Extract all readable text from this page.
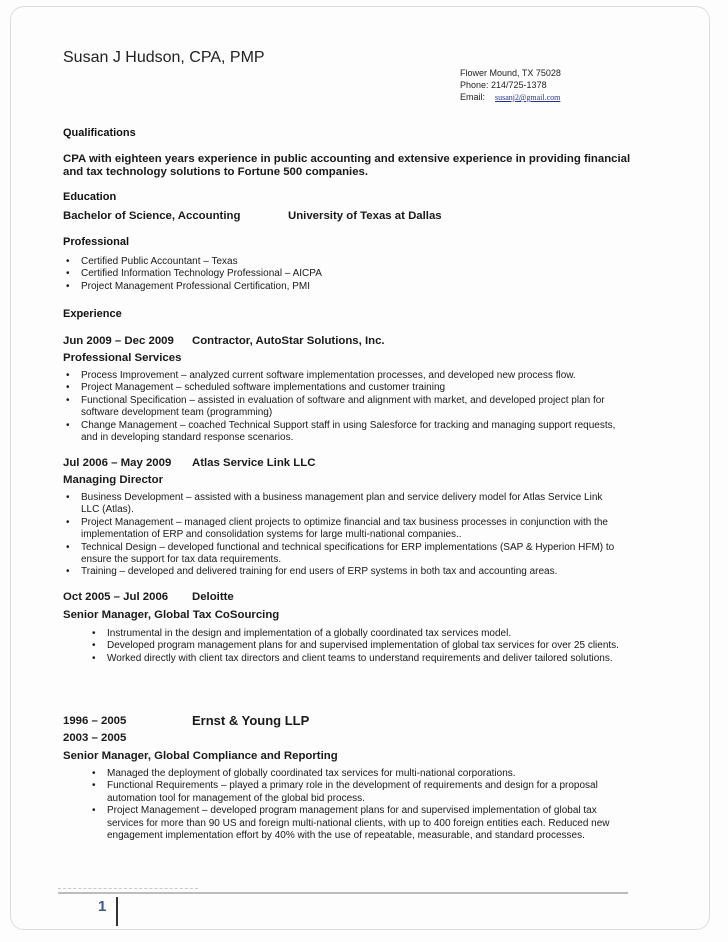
Susan J Hudson, CPA, PMP
Flower Mound, TX 75028
Phone: 214/725-1378
Email: susanj2@gmail.com
Qualifications
CPA with eighteen years experience in public accounting and extensive experience in providing financial and tax technology solutions to Fortune 500 companies.
Education
Bachelor of Science, Accounting	University of Texas at Dallas
Professional
• Certified Public Accountant – Texas
• Certified Information Technology Professional – AICPA
• Project Management Professional Certification, PMI
Experience
Jun 2009 – Dec 2009 Contractor, AutoStar Solutions, Inc.
Professional Services
• Process Improvement – analyzed current software implementation processes, and developed new process flow.
• Project Management – scheduled software implementations and customer training
• Functional Specification – assisted in evaluation of software and alignment with market, and developed project plan for software development team (programming)
• Change Management – coached Technical Support staff in using Salesforce for tracking and managing support requests, and in developing standard response scenarios.
Jul 2006 – May 2009 Atlas Service Link LLC
Managing Director
• Business Development – assisted with a business management plan and service delivery model for Atlas Service Link LLC (Atlas).
• Project Management – managed client projects to optimize financial and tax business processes in conjunction with the implementation of ERP and consolidation systems for large multi-national companies..
• Technical Design – developed functional and technical specifications for ERP implementations (SAP & Hyperion HFM) to ensure the support for tax data requirements.
• Training – developed and delivered training for end users of ERP systems in both tax and accounting areas.
Oct 2005 – Jul 2006 Deloitte
Senior Manager, Global Tax CoSourcing
• Instrumental in the design and implementation of a globally coordinated tax services model.
• Developed program management plans for and supervised implementation of global tax services for over 25 clients.
• Worked directly with client tax directors and client teams to understand requirements and deliver tailored solutions.
1996 – 2005	Ernst & Young LLP
2003 – 2005
Senior Manager, Global Compliance and Reporting
• Managed the deployment of globally coordinated tax services for multi-national corporations.
• Functional Requirements – played a primary role in the development of requirements and design for a proposal automation tool for management of the global bid process.
• Project Management – developed program management plans for and supervised implementation of global tax services for more than 90 US and foreign multi-national clients, with up to 400 foreign entities each. Reduced new engagement implementation effort by 40% with the use of repeatable, measurable, and standard processes.
1
